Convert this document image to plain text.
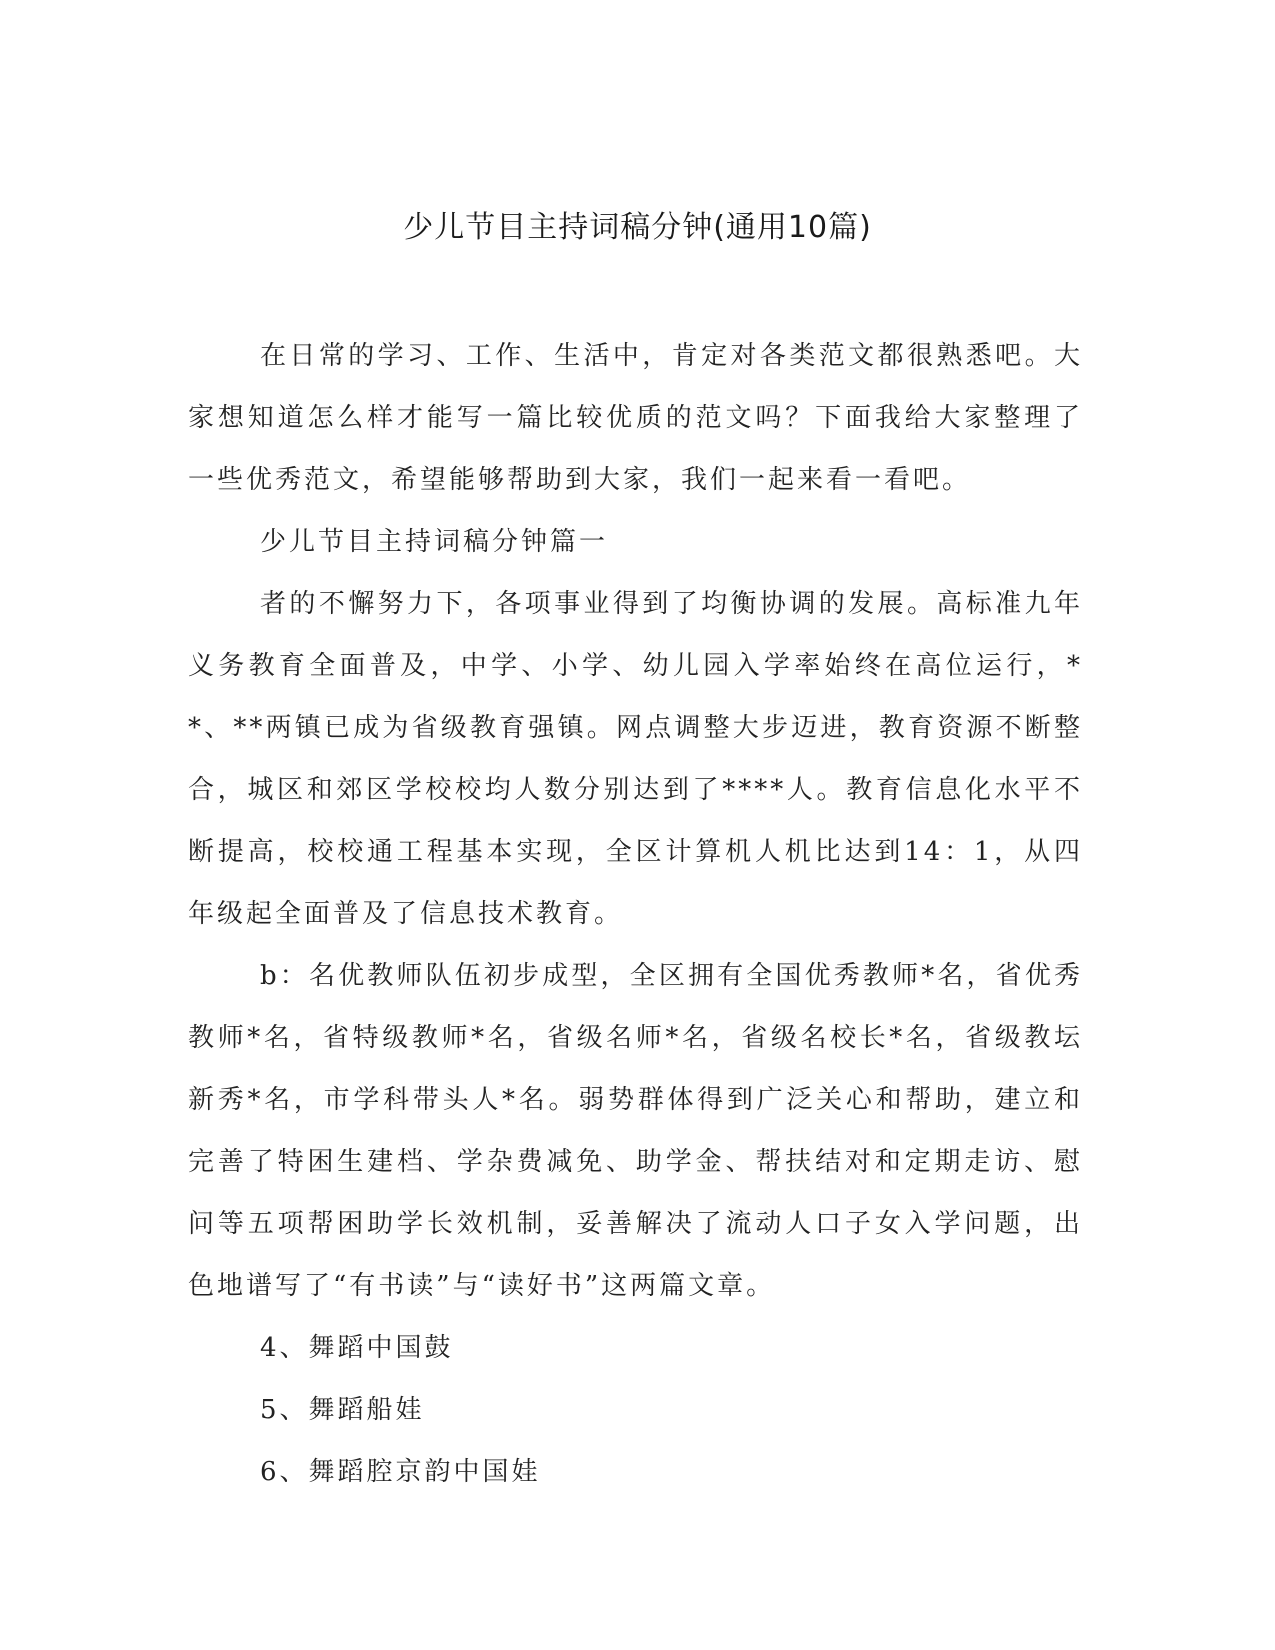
少儿节目主持词稿分钟(通用10篇)

在日常的学习、工作、生活中，肯定对各类范文都很熟悉吧。大家想知道怎么样才能写一篇比较优质的范文吗？下面我给大家整理了一些优秀范文，希望能够帮助到大家，我们一起来看一看吧。

少儿节目主持词稿分钟篇一

者的不懈努力下，各项事业得到了均衡协调的发展。高标准九年义务教育全面普及，中学、小学、幼儿园入学率始终在高位运行，**、**两镇已成为省级教育强镇。网点调整大步迈进，教育资源不断整合，城区和郊区学校校均人数分别达到了****人。教育信息化水平不断提高，校校通工程基本实现，全区计算机人机比达到14：1，从四年级起全面普及了信息技术教育。

b：名优教师队伍初步成型，全区拥有全国优秀教师*名，省优秀教师*名，省特级教师*名，省级名师*名，省级名校长*名，省级教坛新秀*名，市学科带头人*名。弱势群体得到广泛关心和帮助，建立和完善了特困生建档、学杂费减免、助学金、帮扶结对和定期走访、慰问等五项帮困助学长效机制，妥善解决了流动人口子女入学问题，出色地谱写了“有书读”与“读好书”这两篇文章。

4、舞蹈中国鼓

5、舞蹈船娃

6、舞蹈腔京韵中国娃
